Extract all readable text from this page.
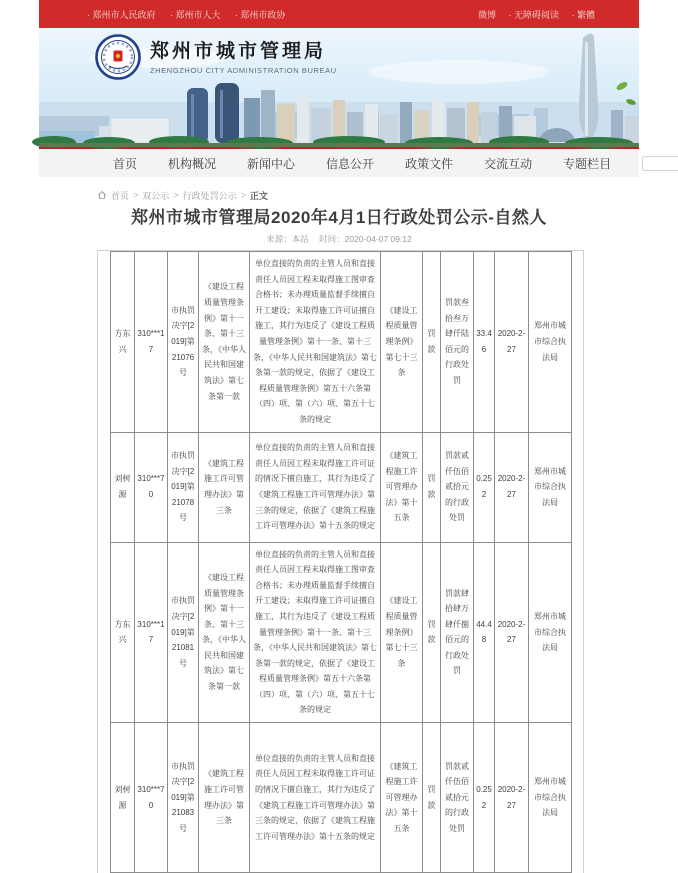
· 郑州市人民政府 · 郑州市人大 · 郑州市政协	微博 · 无障碍阅读 · 繁體
郑州市城市管理局
ZHENGZHOU CITY ADMINISTRATION BUREAU
首页	机构概况	新闻中心	信息公开	政策文件	交流互动	专题栏目
首页 > 双公示 > 行政处罚公示 > 正文
郑州市城市管理局2020年4月1日行政处罚公示-自然人
来源：本站 时间：2020-04-07 09:12
方东兴	310***17	市执罚决字[2019]第21076号	《建设工程质量管理条例》第十一条、第十三条，《中华人民共和国建筑法》第七条第一款	单位直接的负责的主管人员和直接责任人员因工程未取得施工图审查合格书；未办理质量监督手续擅自开工建设；未取得施工许可证擅自施工，其行为违反了《建设工程质量管理条例》第十一条、第十三条，《中华人民共和国建筑法》第七条第一款的规定，依据了《建设工程质量管理条例》第五十六条第（四）项、第（六）项、第五十七条的规定	《建设工程质量管理条例》第七十三条	罚款	罚款叁拾叁万肆仟陆佰元的行政处罚	33.46	2020-2-27	郑州市城市综合执法局
刘树源	310***70	市执罚决字[2019]第21078号	《建筑工程施工许可管理办法》第三条	单位直接的负责的主管人员和直接责任人员因工程未取得施工许可证的情况下擅自施工，其行为违反了《建筑工程施工许可管理办法》第三条的规定，依据了《建筑工程施工许可管理办法》第十五条的规定	《建筑工程施工许可管理办法》第十五条	罚款	罚款贰仟伍佰贰拾元的行政处罚	0.252	2020-2-27	郑州市城市综合执法局
方东兴	310***17	市执罚决字[2019]第21081号	《建设工程质量管理条例》第十一条、第十三条，《中华人民共和国建筑法》第七条第一款	单位直接的负责的主管人员和直接责任人员因工程未取得施工图审查合格书；未办理质量监督手续擅自开工建设；未取得施工许可证擅自施工，其行为违反了《建设工程质量管理条例》第十一条、第十三条，《中华人民共和国建筑法》第七条第一款的规定，依据了《建设工程质量管理条例》第五十六条第（四）项、第（六）项、第五十七条的规定	《建设工程质量管理条例》第七十三条	罚款	罚款肆拾肆万肆仟捌佰元的行政处罚	44.48	2020-2-27	郑州市城市综合执法局
刘树源	310***70	市执罚决字[2019]第21083号	《建筑工程施工许可管理办法》第三条	单位直接的负责的主管人员和直接责任人员因工程未取得施工许可证的情况下擅自施工，其行为违反了《建筑工程施工许可管理办法》第三条的规定，依据了《建筑工程施工许可管理办法》第十五条的规定	《建筑工程施工许可管理办法》第十五条	罚款	罚款贰仟伍佰贰拾元的行政处罚	0.252	2020-2-27	郑州市城市综合执法局
